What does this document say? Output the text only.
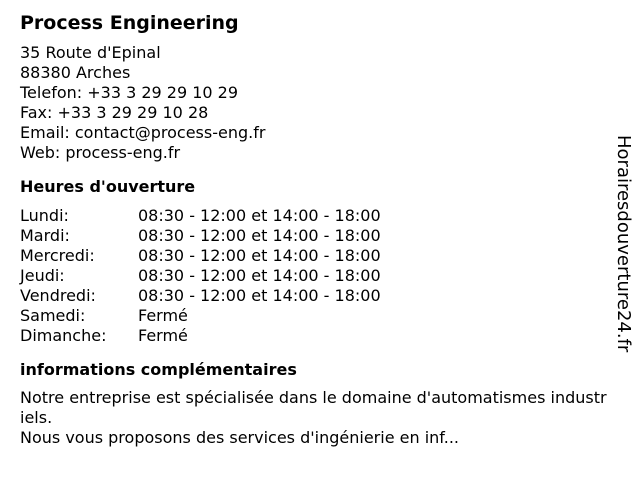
Process Engineering
35 Route d'Epinal
88380 Arches
Telefon: +33 3 29 29 10 29
Fax: +33 3 29 29 10 28
Email: contact@process-eng.fr
Web: process-eng.fr
Heures d'ouverture
Lundi:	08:30 - 12:00 et 14:00 - 18:00
Mardi:	08:30 - 12:00 et 14:00 - 18:00
Mercredi:	08:30 - 12:00 et 14:00 - 18:00
Jeudi:	08:30 - 12:00 et 14:00 - 18:00
Vendredi:	08:30 - 12:00 et 14:00 - 18:00
Samedi:	Fermé
Dimanche:	Fermé
informations complémentaires
Notre entreprise est spécialisée dans le domaine d'automatismes industriels.
Nous vous proposons des services d'ingénierie en inf...
Horairesdouverture24.fr
